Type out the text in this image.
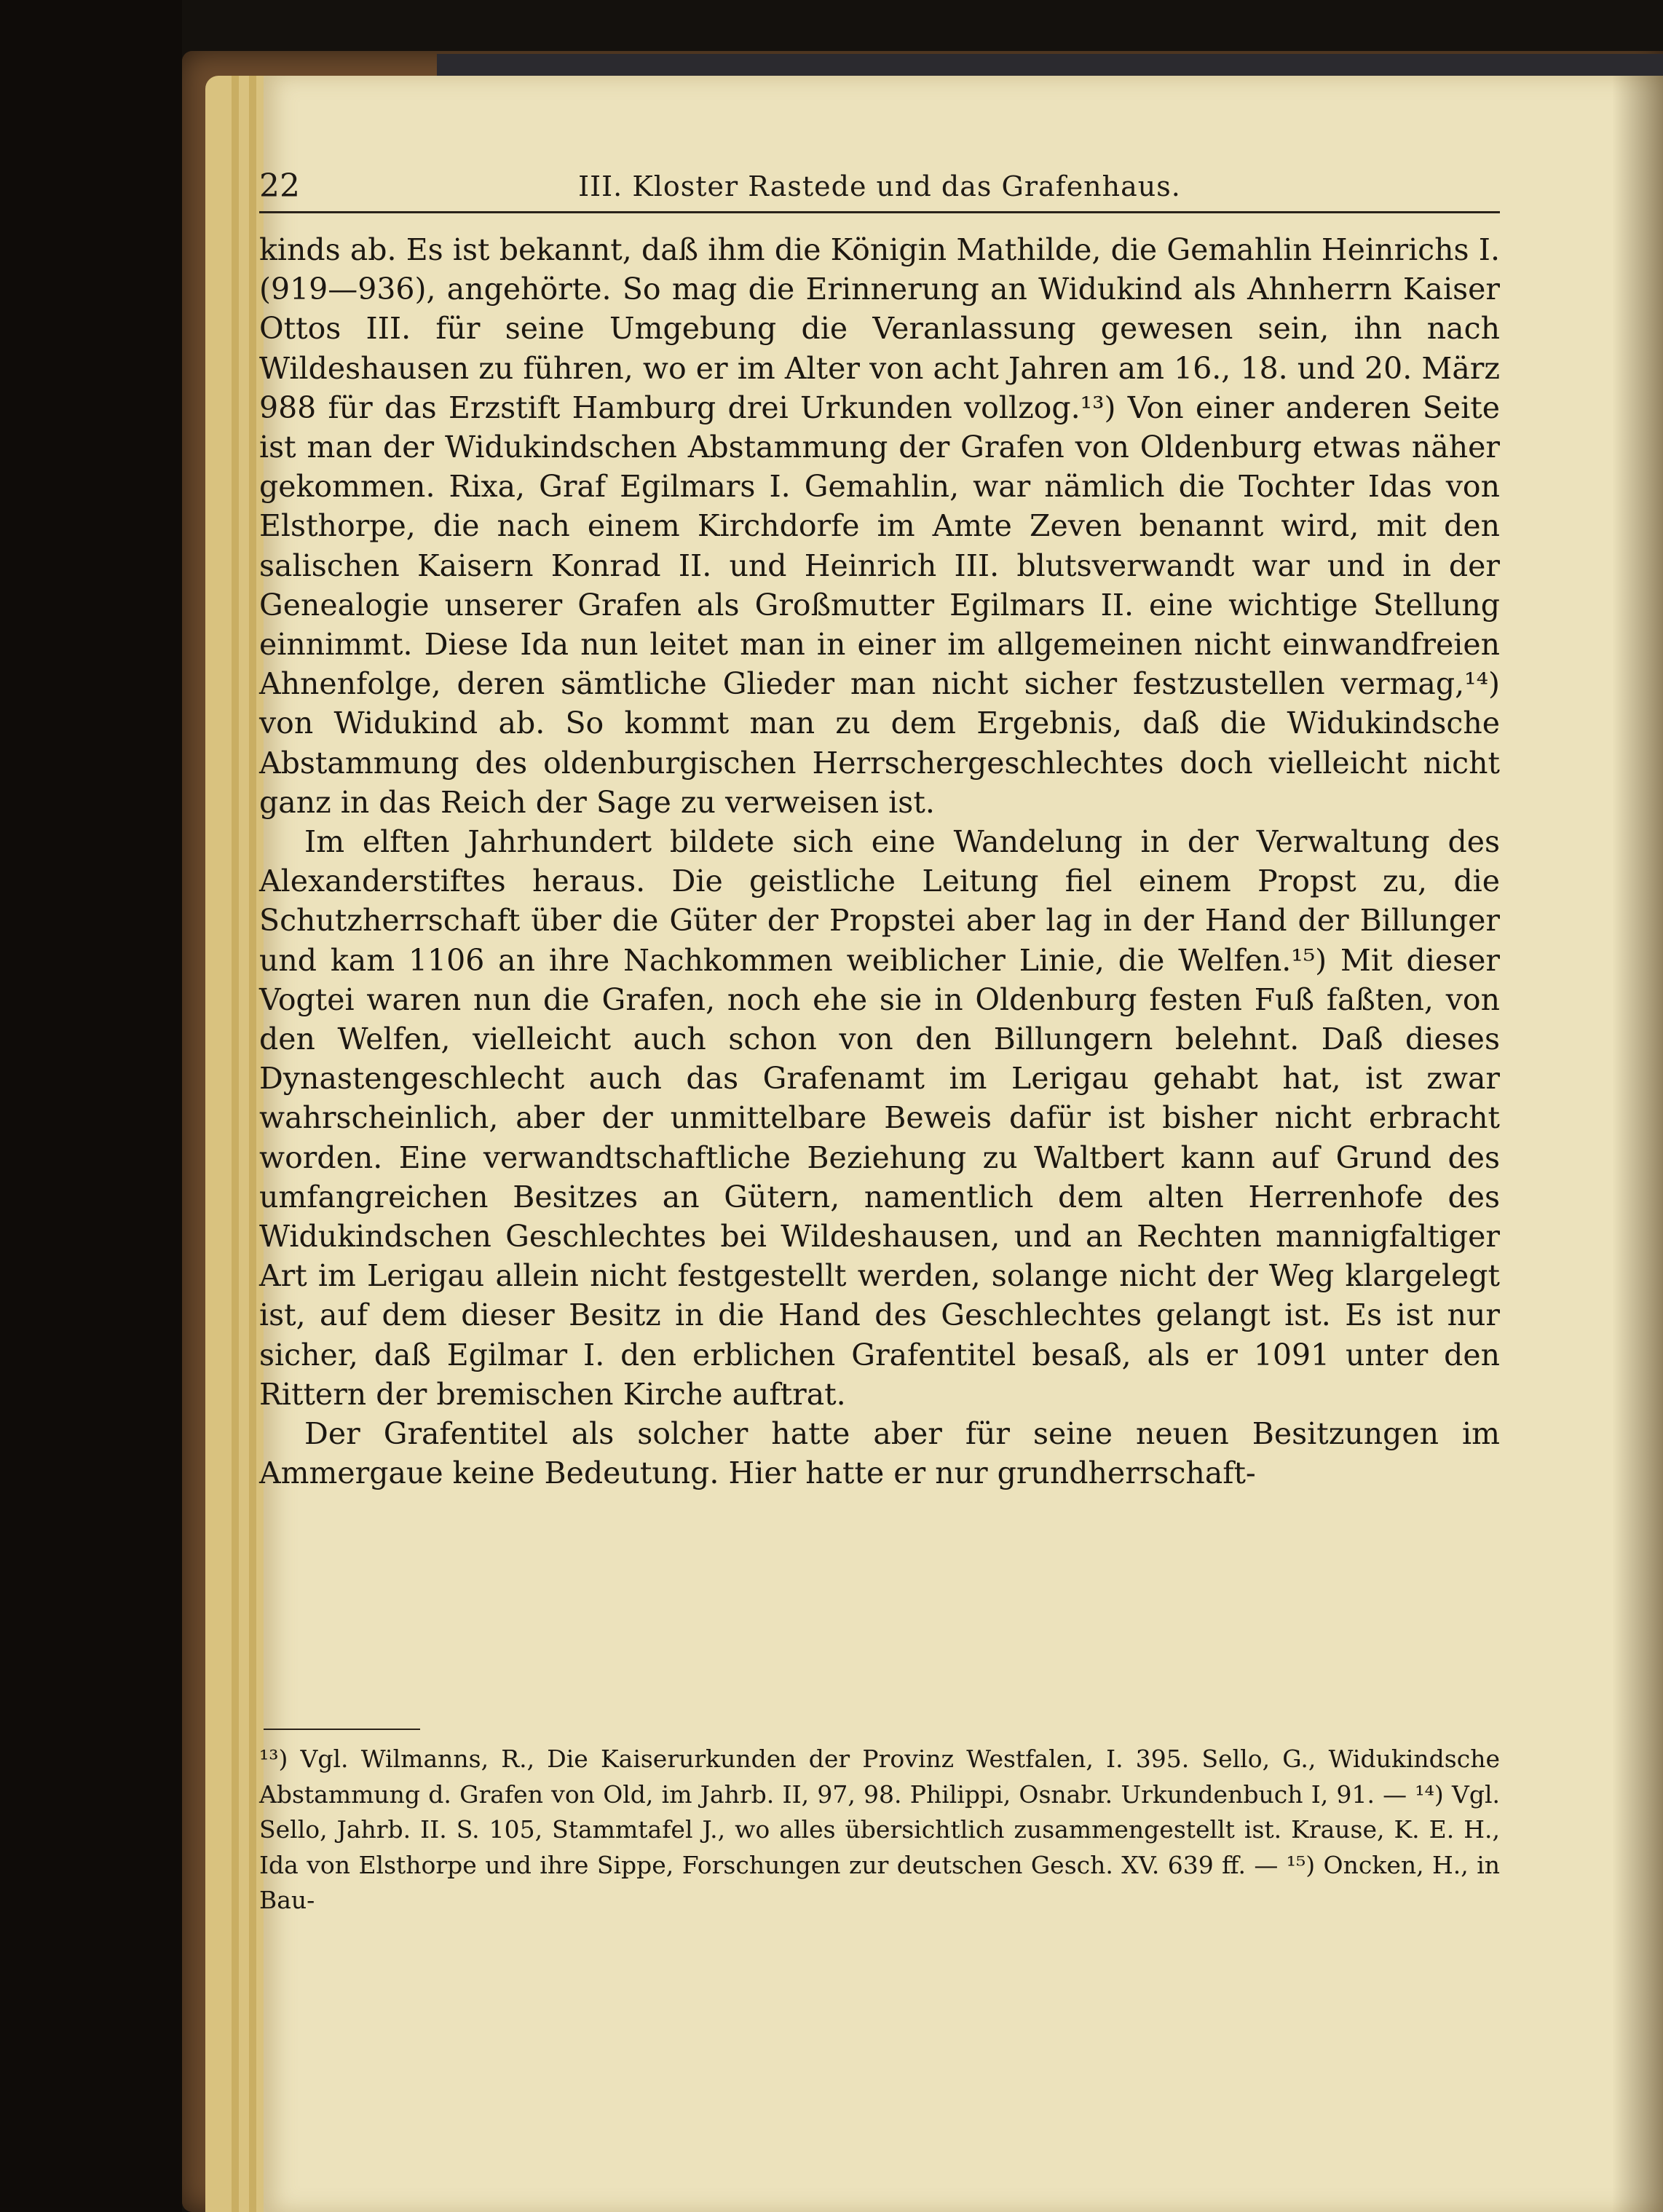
22	III. Kloster Rastede und das Grafenhaus.

kinds ab. Es ist bekannt, daß ihm die Königin Mathilde, die Gemahlin Heinrichs I. (919—936), angehörte. So mag die Erinnerung an Widukind als Ahnherrn Kaiser Ottos III. für seine Umgebung die Veranlassung gewesen sein, ihn nach Wildeshausen zu führen, wo er im Alter von acht Jahren am 16., 18. und 20. März 988 für das Erzstift Hamburg drei Urkunden vollzog.¹³) Von einer anderen Seite ist man der Widukindschen Abstammung der Grafen von Oldenburg etwas näher gekommen. Rixa, Graf Egilmars I. Gemahlin, war nämlich die Tochter Idas von Elsthorpe, die nach einem Kirchdorfe im Amte Zeven benannt wird, mit den salischen Kaisern Konrad II. und Heinrich III. blutsverwandt war und in der Genealogie unserer Grafen als Großmutter Egilmars II. eine wichtige Stellung einnimmt. Diese Ida nun leitet man in einer im allgemeinen nicht einwandfreien Ahnenfolge, deren sämtliche Glieder man nicht sicher festzustellen vermag,¹⁴) von Widukind ab. So kommt man zu dem Ergebnis, daß die Widukindsche Abstammung des oldenburgischen Herrschergeschlechtes doch vielleicht nicht ganz in das Reich der Sage zu verweisen ist.

Im elften Jahrhundert bildete sich eine Wandelung in der Verwaltung des Alexanderstiftes heraus. Die geistliche Leitung fiel einem Propst zu, die Schutzherrschaft über die Güter der Propstei aber lag in der Hand der Billunger und kam 1106 an ihre Nachkommen weiblicher Linie, die Welfen.¹⁵) Mit dieser Vogtei waren nun die Grafen, noch ehe sie in Oldenburg festen Fuß faßten, von den Welfen, vielleicht auch schon von den Billungern belehnt. Daß dieses Dynastengeschlecht auch das Grafenamt im Lerigau gehabt hat, ist zwar wahrscheinlich, aber der unmittelbare Beweis dafür ist bisher nicht erbracht worden. Eine verwandtschaftliche Beziehung zu Waltbert kann auf Grund des umfangreichen Besitzes an Gütern, namentlich dem alten Herrenhofe des Widukindschen Geschlechtes bei Wildeshausen, und an Rechten mannigfaltiger Art im Lerigau allein nicht festgestellt werden, solange nicht der Weg klargelegt ist, auf dem dieser Besitz in die Hand des Geschlechtes gelangt ist. Es ist nur sicher, daß Egilmar I. den erblichen Grafentitel besaß, als er 1091 unter den Rittern der bremischen Kirche auftrat.

Der Grafentitel als solcher hatte aber für seine neuen Besitzungen im Ammergaue keine Bedeutung. Hier hatte er nur grundherrschaft-

¹³) Vgl. Wilmanns, R., Die Kaiserurkunden der Provinz Westfalen, I. 395. Sello, G., Widukindsche Abstammung d. Grafen von Old, im Jahrb. II, 97, 98. Philippi, Osnabr. Urkundenbuch I, 91. — ¹⁴) Vgl. Sello, Jahrb. II. S. 105, Stammtafel J., wo alles übersichtlich zusammengestellt ist. Krause, K. E. H., Ida von Elsthorpe und ihre Sippe, Forschungen zur deutschen Gesch. XV. 639 ff. — ¹⁵) Oncken, H., in Bau-
